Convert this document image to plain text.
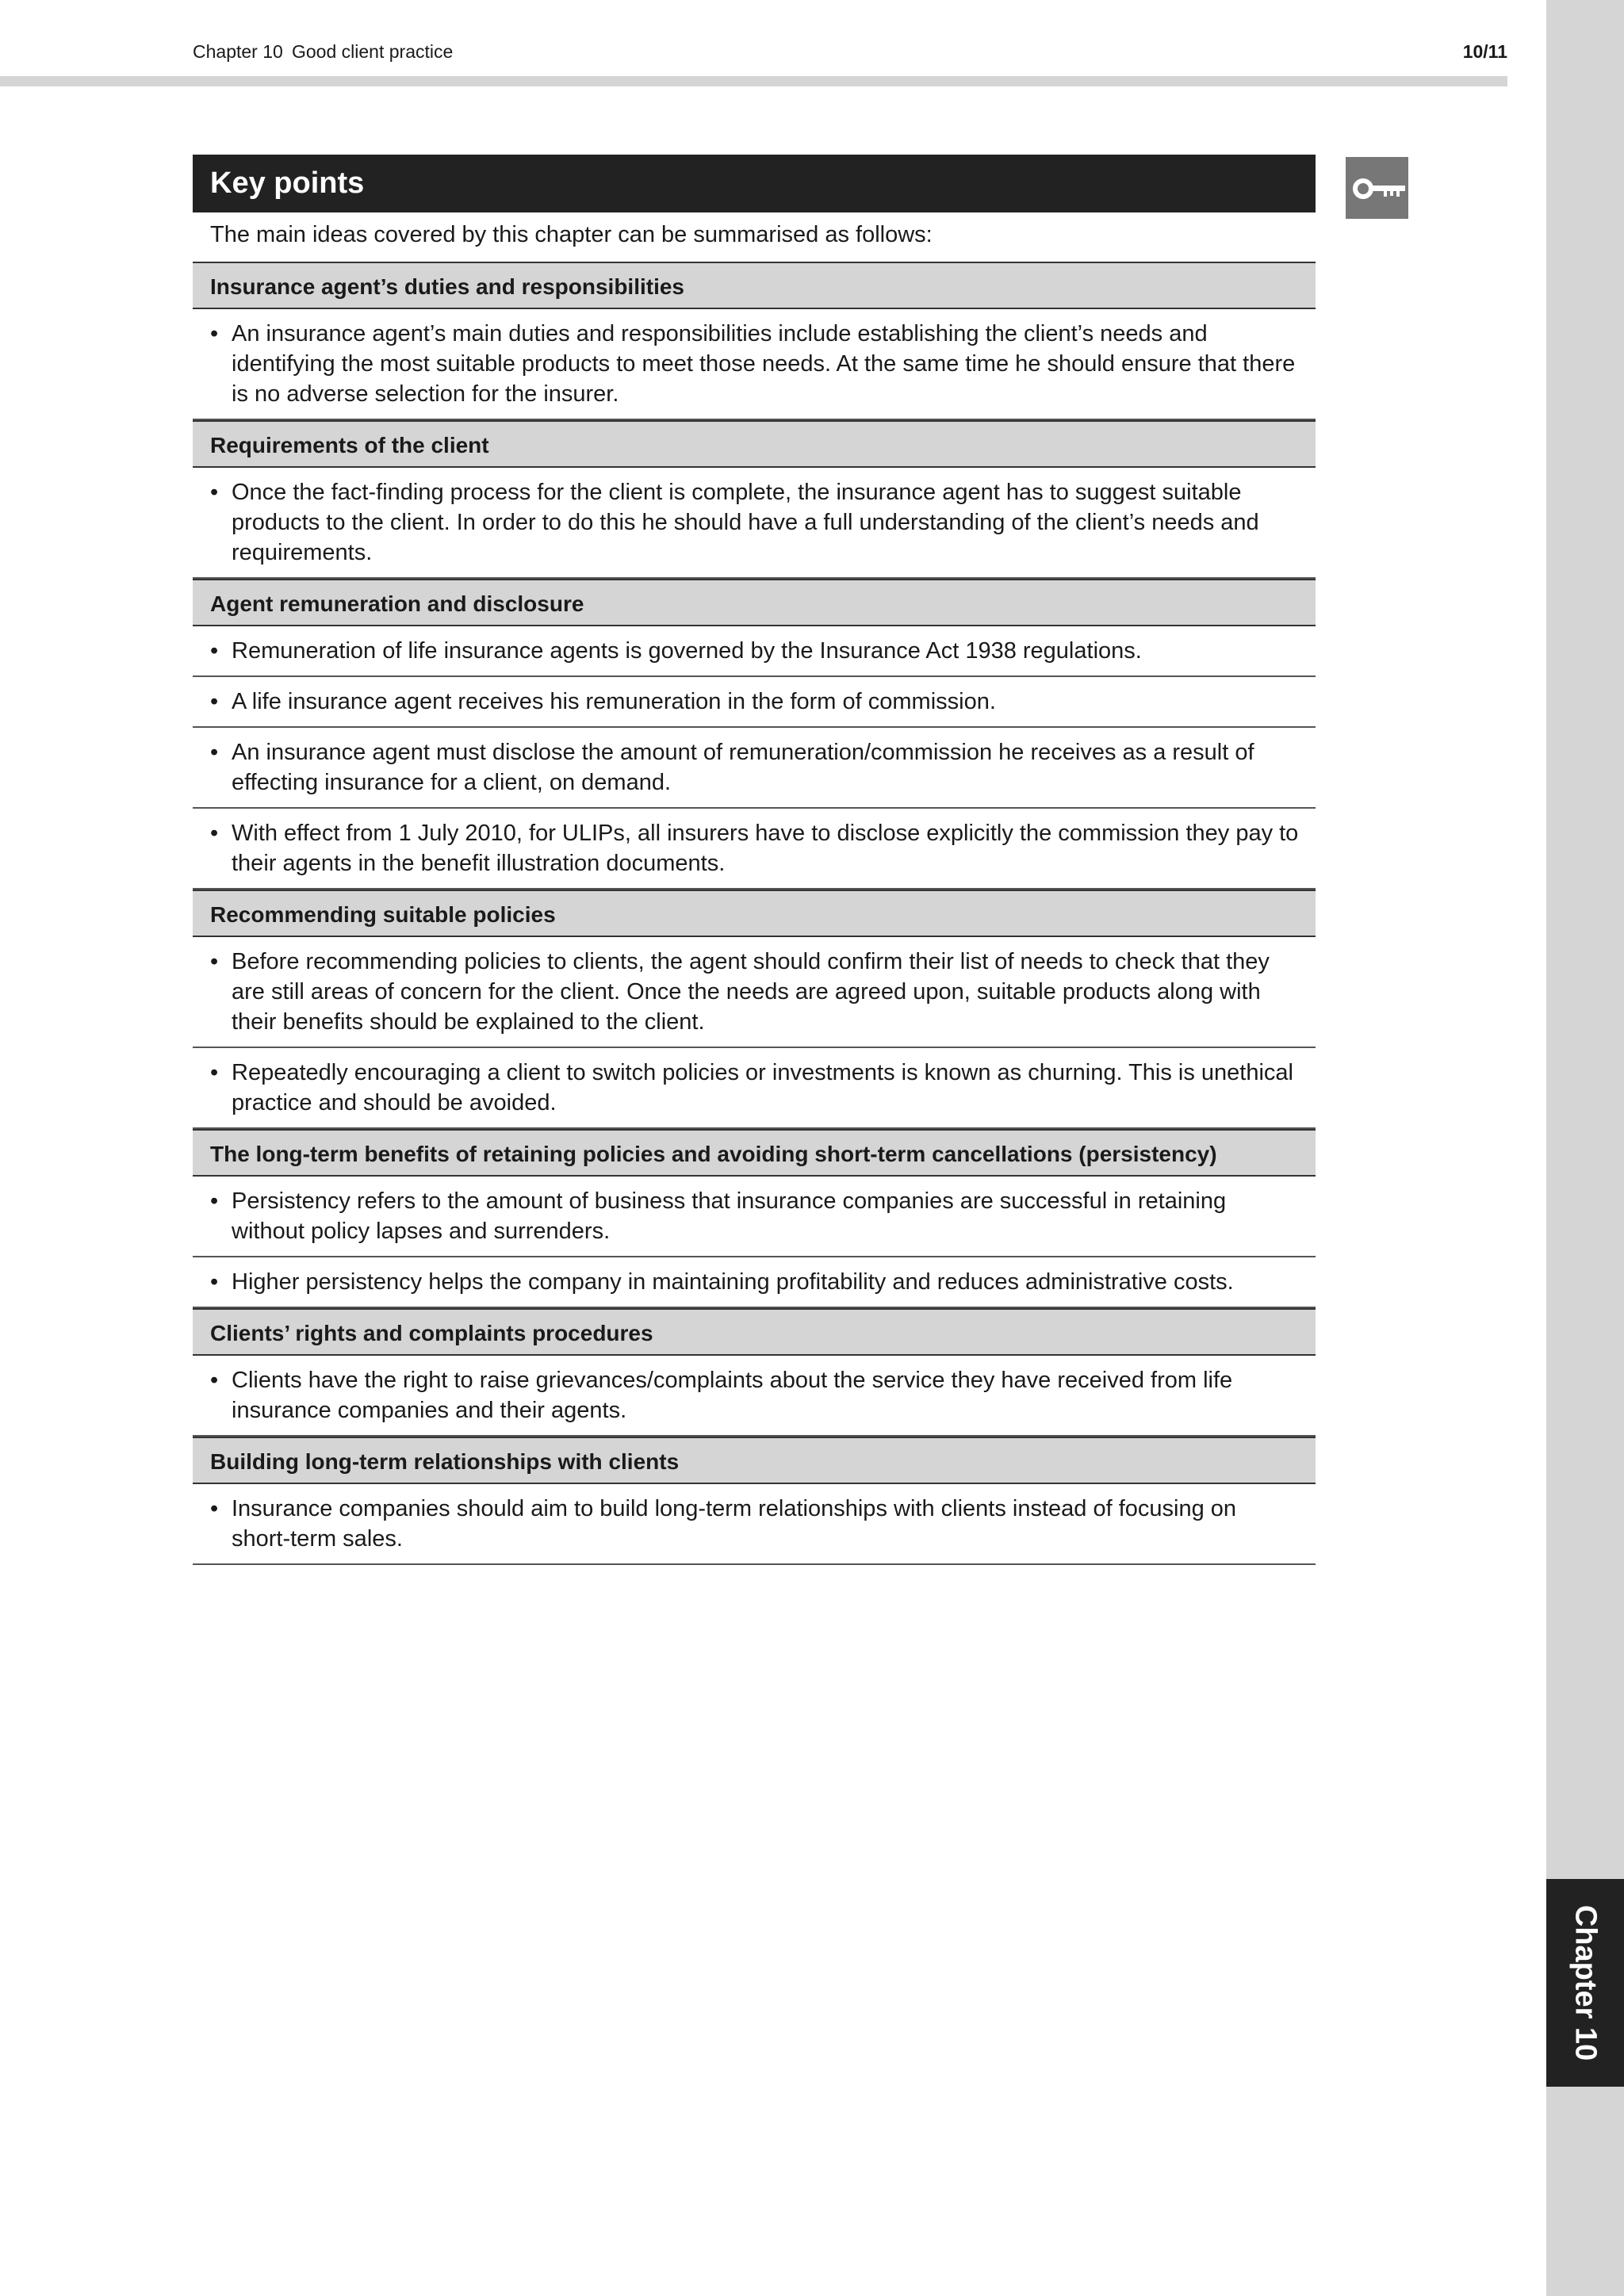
Chapter 10 Good client practice	10/11
Key points
The main ideas covered by this chapter can be summarised as follows:
Insurance agent’s duties and responsibilities
• An insurance agent’s main duties and responsibilities include establishing the client’s needs and identifying the most suitable products to meet those needs. At the same time he should ensure that there is no adverse selection for the insurer.
Requirements of the client
• Once the fact-finding process for the client is complete, the insurance agent has to suggest suitable products to the client. In order to do this he should have a full understanding of the client’s needs and requirements.
Agent remuneration and disclosure
• Remuneration of life insurance agents is governed by the Insurance Act 1938 regulations.
• A life insurance agent receives his remuneration in the form of commission.
• An insurance agent must disclose the amount of remuneration/commission he receives as a result of effecting insurance for a client, on demand.
• With effect from 1 July 2010, for ULIPs, all insurers have to disclose explicitly the commission they pay to their agents in the benefit illustration documents.
Recommending suitable policies
• Before recommending policies to clients, the agent should confirm their list of needs to check that they are still areas of concern for the client. Once the needs are agreed upon, suitable products along with their benefits should be explained to the client.
• Repeatedly encouraging a client to switch policies or investments is known as churning. This is unethical practice and should be avoided.
The long-term benefits of retaining policies and avoiding short-term cancellations (persistency)
• Persistency refers to the amount of business that insurance companies are successful in retaining without policy lapses and surrenders.
• Higher persistency helps the company in maintaining profitability and reduces administrative costs.
Clients’ rights and complaints procedures
• Clients have the right to raise grievances/complaints about the service they have received from life insurance companies and their agents.
Building long-term relationships with clients
• Insurance companies should aim to build long-term relationships with clients instead of focusing on short-term sales.
Chapter 10
